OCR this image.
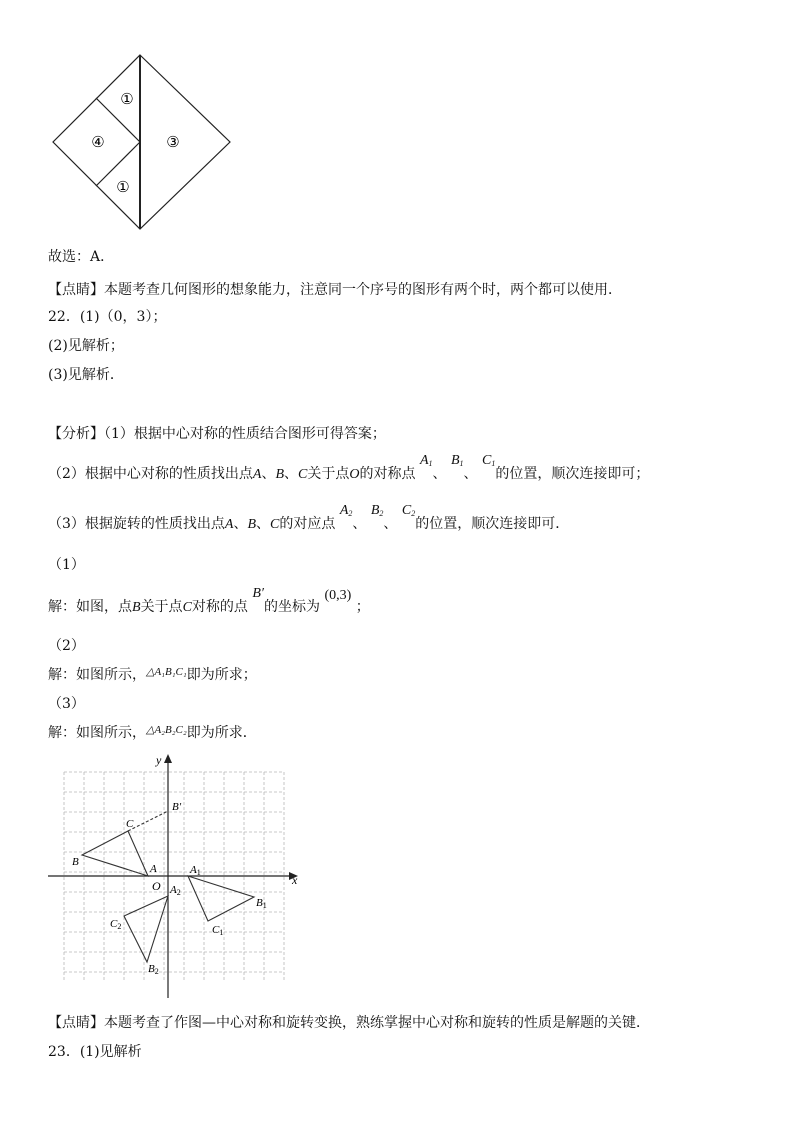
①
④
①
③
故选：A．
【点睛】本题考查几何图形的想象能力，注意同一个序号的图形有两个时，两个都可以使用．
22．(1)（0，3）；
(2)见解析；
(3)见解析．
【分析】（1）根据中心对称的性质结合图形可得答案；
（2）根据中心对称的性质找出点A、B、C关于点O的对称点 $A_1$、 $B_1$、 $C_1$的位置，顺次连接即可；
（3）根据旋转的性质找出点A、B、C的对应点 $A_2$、 $B_2$、 $C_2$的位置，顺次连接即可．
（1）
解：如图，点B关于点C对称的点 B′的坐标为 (0,3) ；
（2）
解：如图所示，$^{\triangle A_1B_1C_1}$即为所求；
（3）
解：如图所示，$^{\triangle A_2B_2C_2}$即为所求．
x
y
O
B′
C
B
A	A1
B1
C1
A2
C2
B2
【点睛】本题考查了作图—中心对称和旋转变换，熟练掌握中心对称和旋转的性质是解题的关键．
23．(1)见解析
